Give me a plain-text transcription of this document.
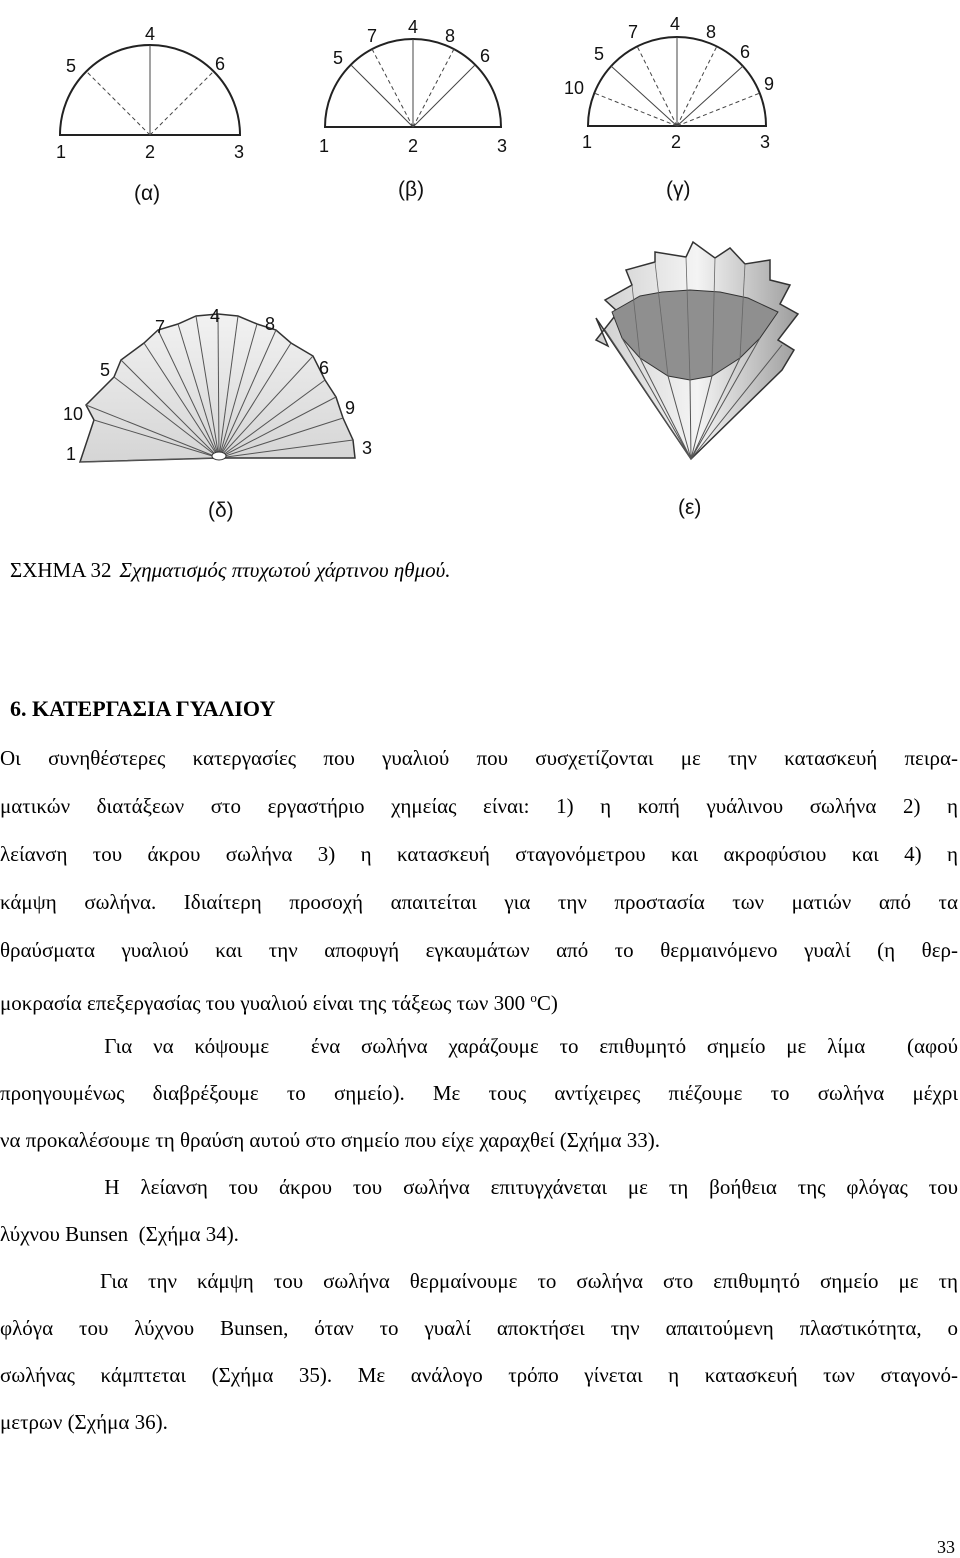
4
5	6
1	2	3
(α)
7 4 8
5	6
1	2	3
(β)
7 4 8
5	6
10	9
1	2	3
(γ)
4
7	8
5	6
10	9
1	3
(δ)	(ε)
ΣΧΗΜΑ 32 Σχηματισμός πτυχωτού χάρτινου ηθμού.
6. ΚΑΤΕΡΓΑΣΙΑ ΓΥΑΛΙΟΥ
Οι συνηθέστερες κατεργασίες που γυαλιού που συσχετίζονται με την κατασκευή πειρα-
ματικών διατάξεων στο εργαστήριο χημείας είναι: 1) η κοπή γυάλινου σωλήνα 2) η
λείανση του άκρου σωλήνα 3) η κατασκευή σταγονόμετρου και ακροφύσιου και 4) η
κάμψη σωλήνα. Ιδιαίτερη προσοχή απαιτείται για την προστασία των ματιών από τα
θραύσματα γυαλιού και την αποφυγή εγκαυμάτων από το θερμαινόμενο γυαλί (η θερ-
μοκρασία επεξεργασίας του γυαλιού είναι της τάξεως των 300 $^o$C)
Για να κόψουμε  ένα σωλήνα χαράζουμε το επιθυμητό σημείο με λίμα  (αφού
προηγουμένως διαβρέξουμε το σημείο). Με τους αντίχειρες πιέζουμε το σωλήνα μέχρι
να προκαλέσουμε τη θραύση αυτού στο σημείο που είχε χαραχθεί (Σχήμα 33).
Η λείανση του άκρου του σωλήνα επιτυγχάνεται με τη βοήθεια της φλόγας του
λύχνου Bunsen  (Σχήμα 34).
Για την κάμψη του σωλήνα θερμαίνουμε το σωλήνα στο επιθυμητό σημείο με τη
φλόγα του λύχνου Bunsen, όταν το γυαλί αποκτήσει την απαιτούμενη πλαστικότητα, ο
σωλήνας κάμπτεται (Σχήμα 35). Με ανάλογο τρόπο γίνεται η κατασκευή των σταγονό-
μετρων (Σχήμα 36).
33
